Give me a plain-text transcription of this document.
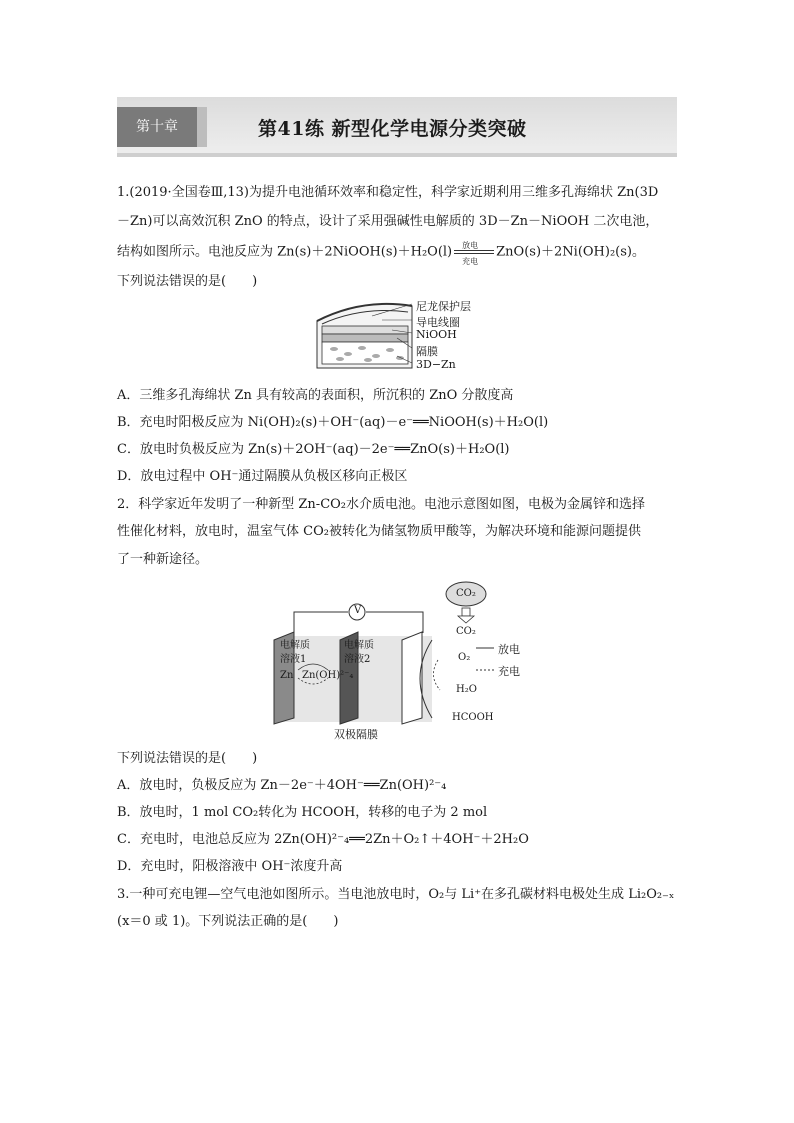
第十章	第41练 新型化学电源分类突破
1.(2019·全国卷Ⅲ,13)为提升电池循环效率和稳定性，科学家近期利用三维多孔海绵状 Zn(3D
－Zn)可以高效沉积 ZnO 的特点，设计了采用强碱性电解质的 3D－Zn－NiOOH 二次电池，
结构如图所示。电池反应为 Zn(s)＋2NiOOH(s)＋H₂O(l) 放电
充电
ZnO(s)＋2Ni(OH)₂(s)。
下列说法错误的是(　　)
尼龙保护层
导电线圈
NiOOH
隔膜
3D−Zn
A．三维多孔海绵状 Zn 具有较高的表面积，所沉积的 ZnO 分散度高
B．充电时阳极反应为 Ni(OH)₂(s)＋OH⁻(aq)－e⁻══NiOOH(s)＋H₂O(l)
C．放电时负极反应为 Zn(s)＋2OH⁻(aq)－2e⁻══ZnO(s)＋H₂O(l)
D．放电过程中 OH⁻通过隔膜从负极区移向正极区
2．科学家近年发明了一种新型 Zn-CO₂水介质电池。电池示意图如图，电极为金属锌和选择
性催化材料，放电时，温室气体 CO₂被转化为储氢物质甲酸等，为解决环境和能源问题提供
了一种新途径。
V
CO₂
CO₂
电解质
溶液1
电解质
溶液2
Zn Zn(OH)²⁻₄
O₂
H₂O
HCOOH
放电
充电
双极隔膜
下列说法错误的是(　　)
A．放电时，负极反应为 Zn－2e⁻＋4OH⁻══Zn(OH)²⁻₄
B．放电时，1 mol CO₂转化为 HCOOH，转移的电子为 2 mol
C．充电时，电池总反应为 2Zn(OH)²⁻₄══2Zn＋O₂↑＋4OH⁻＋2H₂O
D．充电时，阳极溶液中 OH⁻浓度升高
3.一种可充电锂—空气电池如图所示。当电池放电时，O₂与 Li⁺在多孔碳材料电极处生成 Li₂O₂₋ₓ
(x＝0 或 1)。下列说法正确的是(　　)
